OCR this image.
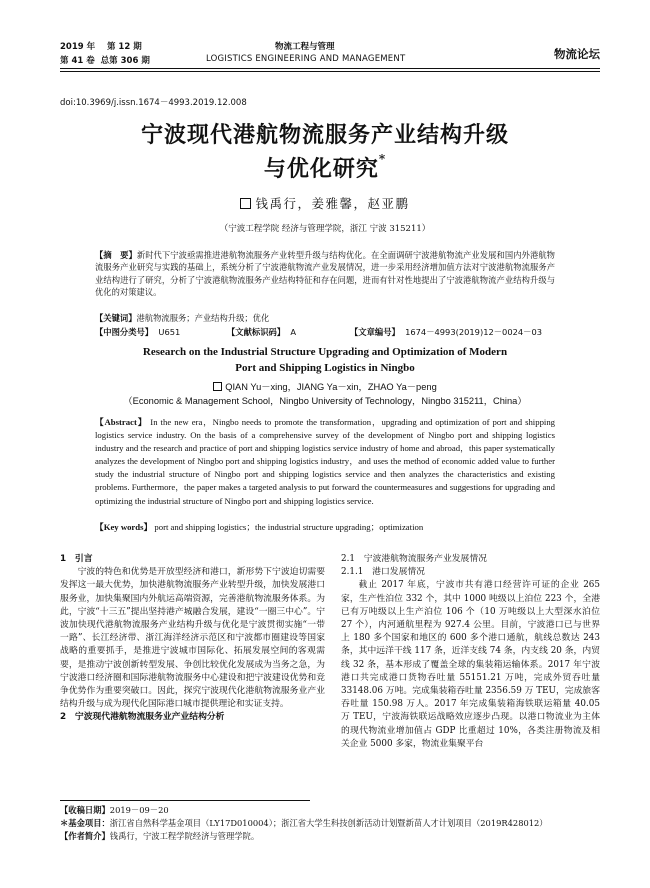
2019 年 第 12 期
第 41 卷 总第 306 期
物流工程与管理
LOGISTICS ENGINEERING AND MANAGEMENT	物流论坛
doi:10.3969/j.issn.1674－4993.2019.12.008
宁波现代港航物流服务产业结构升级
与优化研究*
钱禹行，姜雅馨，赵亚鹏
（宁波工程学院 经济与管理学院，浙江 宁波 315211）
【摘　要】新时代下宁波亟需推进港航物流服务产业转型升级与结构优化。在全面调研宁波港航物流产业发展和国内外港航物流服务产业研究与实践的基础上，系统分析了宁波港航物流产业发展情况，进一步采用经济增加值方法对宁波港航物流服务产业结构进行了研究，分析了宁波港航物流服务产业结构特征和存在问题，进而有针对性地提出了宁波港航物流产业结构升级与优化的对策建议。
【关键词】港航物流服务；产业结构升级；优化
【中图分类号】 U651	【文献标识码】 A	【文章编号】 1674－4993(2019)12－0024－03
Research on the Industrial Structure Upgrading and Optimization of Modern
Port and Shipping Logistics in Ningbo
QIAN Yu－xing，JIANG Ya－xin，ZHAO Ya－peng
（Economic & Management School，Ningbo University of Technology，Ningbo 315211，China）
【Abstract】 In the new era，Ningbo needs to promote the transformation，upgrading and optimization of port and shipping logistics service industry. On the basis of a comprehensive survey of the development of Ningbo port and shipping logistics industry and the research and practice of port and shipping logistics service industry of home and abroad，this paper systematically analyzes the development of Ningbo port and shipping logistics industry，and uses the method of economic added value to further study the industrial structure of Ningbo port and shipping logistics service and then analyzes the characteristics and existing problems. Furthermore，the paper makes a targeted analysis to put forward the countermeasures and suggestions for upgrading and optimizing the industrial structure of Ningbo port and shipping logistics service.
【Key words】 port and shipping logistics；the industrial structure upgrading；optimization
1　引言
宁波的特色和优势是开放型经济和港口，新形势下宁波迫切需要发挥这一最大优势，加快港航物流服务产业转型升级，加快发展港口服务业，加快集聚国内外航运高端资源，完善港航物流服务体系。为此，宁波“十三五”提出坚持港产城融合发展，建设“一圈三中心”。宁波加快现代港航物流服务产业结构升级与优化是宁波贯彻实施“一带一路”、长江经济带、浙江海洋经济示范区和宁波都市圈建设等国家战略的重要抓手，是推进宁波城市国际化、拓展发展空间的客观需要，是推动宁波创新转型发展、争创比较优化发展成为当务之急，为宁波港口经济圈和国际港航物流服务中心建设和把宁波建设优势和竞争优势作为重要突破口。因此，探究宁波现代化港航物流服务业产业结构升级与成为现代化国际港口城市提供理论和实证支持。
2　宁波现代港航物流服务业产业结构分析
2.1　宁波港航物流服务产业发展情况
2.1.1　港口发展情况
截止 2017 年底，宁波市共有港口经营许可证的企业 265 家，生产性泊位 332 个，其中 1000 吨级以上泊位 223 个，全港已有万吨级以上生产泊位 106 个（10 万吨级以上大型深水泊位 27 个），内河通航里程为 927.4 公里。目前，宁波港口已与世界上 180 多个国家和地区的 600 多个港口通航，航线总数达 243 条，其中远洋干线 117 条，近洋支线 74 条，内支线 20 条，内贸线 32 条，基本形成了覆盖全球的集装箱运输体系。2017 年宁波港口共完成港口货物吞吐量 55151.21 万吨，完成外贸吞吐量 33148.06 万吨。完成集装箱吞吐量 2356.59 万 TEU，完成旅客吞吐量 150.98 万人。2017 年完成集装箱海铁联运箱量 40.05 万 TEU，宁波海铁联运战略效应逐步凸现。以港口物流业为主体的现代物流业增加值占 GDP 比重超过 10%，各类注册物流及相关企业 5000 多家，物流业集聚平台
【收稿日期】2019－09－20
＊基金项目：浙江省自然科学基金项目（LY17D010004）；浙江省大学生科技创新活动计划暨新苗人才计划项目（2019R428012）
【作者简介】钱禹行，宁波工程学院经济与管理学院。
